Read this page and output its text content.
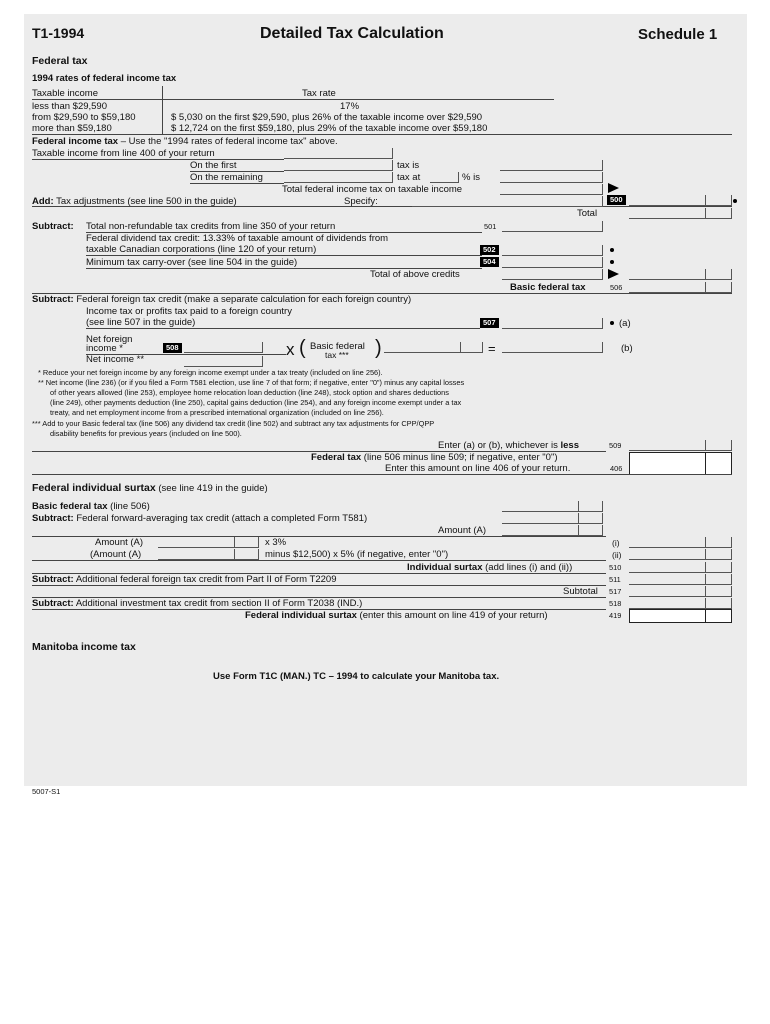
T1-1994	Detailed Tax Calculation	Schedule 1
Federal tax
1994 rates of federal income tax
Taxable income	Tax rate
less than $29,590	17%
from $29,590 to $59,180	$ 5,030 on the first $29,590, plus 26% of the taxable income over $29,590
more than $59,180	$ 12,724 on the first $59,180, plus 29% of the taxable income over $59,180
Federal income tax – Use the "1994 rates of federal income tax" above.
Taxable income from line 400 of your return
On the first	tax is
On the remaining	tax at	% is
Total federal income tax on taxable income
Add: Tax adjustments (see line 500 in the guide)	Specify:	500
Total
Subtract: Total non-refundable tax credits from line 350 of your return	501
Federal dividend tax credit: 13.33% of taxable amount of dividends from
taxable Canadian corporations (line 120 of your return)	502
Minimum tax carry-over (see line 504 in the guide)	504
Total of above credits
Basic federal tax	506
Subtract: Federal foreign tax credit (make a separate calculation for each foreign country)
Income tax or profits tax paid to a foreign country
(see line 507 in the guide)	507	(a)
Net foreign
income *	508
Net income **
x ( Basic federal
tax *** )	=	(b)
* Reduce your net foreign income by any foreign income exempt under a tax treaty (included on line 256).
** Net income (line 236) (or if you filed a Form T581 election, use line 7 of that form; if negative, enter "0") minus any capital losses
of other years allowed (line 253), employee home relocation loan deduction (line 248), stock option and shares deductions
(line 249), other payments deduction (line 250), capital gains deduction (line 254), and any foreign income exempt under a tax
treaty, and net employment income from a prescribed international organization (included on line 256).
*** Add to your Basic federal tax (line 506) any dividend tax credit (line 502) and subtract any tax adjustments for CPP/QPP
disability benefits for previous years (included on line 500).
Enter (a) or (b), whichever is less	509
Federal tax (line 506 minus line 509; if negative, enter "0")
Enter this amount on line 406 of your return.	406
Federal individual surtax (see line 419 in the guide)
Basic federal tax (line 506)
Subtract: Federal forward-averaging tax credit (attach a completed Form T581)
Amount (A)
Amount (A)	x 3%	(i)
(Amount (A)	minus $12,500) x 5% (if negative, enter "0")	(ii)
Individual surtax (add lines (i) and (ii))	510
Subtract: Additional federal foreign tax credit from Part II of Form T2209	511
Subtotal 517
Subtract: Additional investment tax credit from section II of Form T2038 (IND.)	518
Federal individual surtax (enter this amount on line 419 of your return)	419
Manitoba income tax
Use Form T1C (MAN.) TC – 1994 to calculate your Manitoba tax.
5007-S1
